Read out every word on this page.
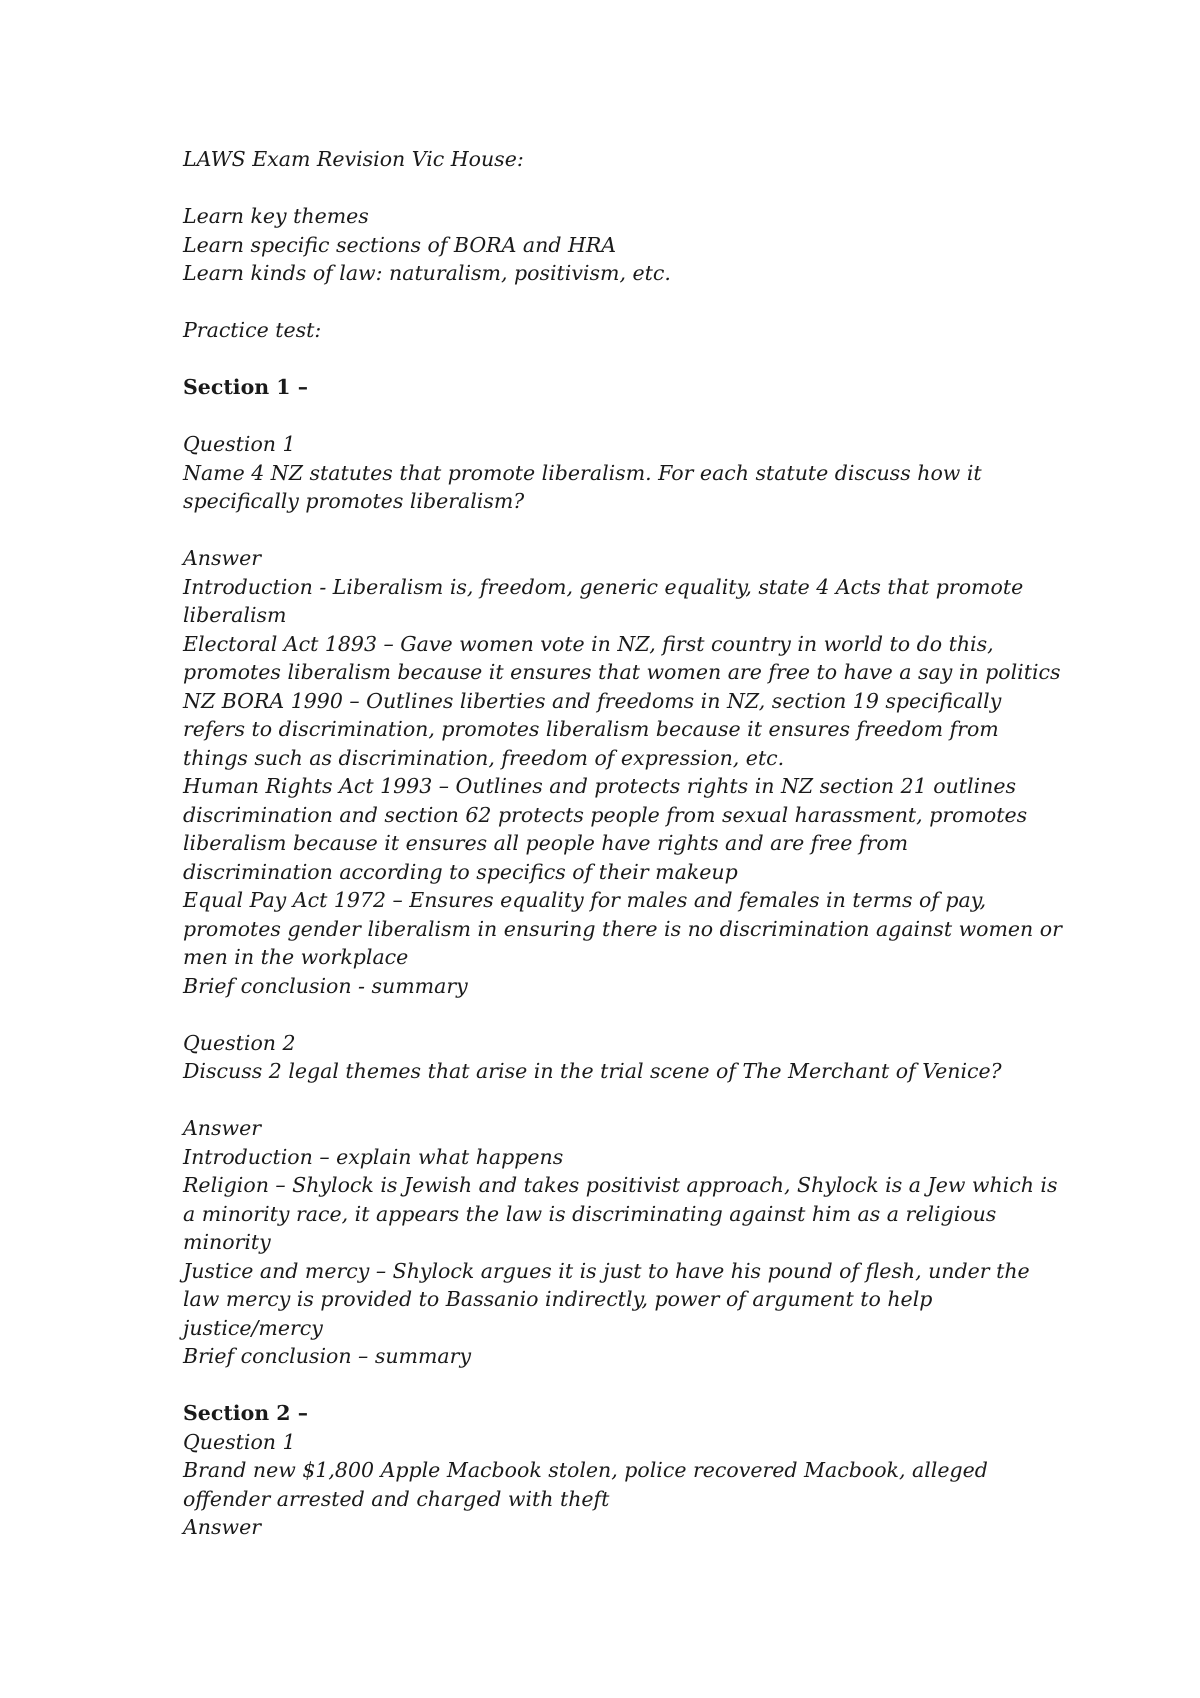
LAWS Exam Revision Vic House:
Learn key themes
Learn specific sections of BORA and HRA
Learn kinds of law: naturalism, positivism, etc.
Practice test:
Section 1 –
Question 1
Name 4 NZ statutes that promote liberalism. For each statute discuss how it specifically promotes liberalism?
Answer
Introduction - Liberalism is, freedom, generic equality, state 4 Acts that promote liberalism
Electoral Act 1893 – Gave women vote in NZ, first country in world to do this, promotes liberalism because it ensures that women are free to have a say in politics
NZ BORA 1990 – Outlines liberties and freedoms in NZ, section 19 specifically refers to discrimination, promotes liberalism because it ensures freedom from things such as discrimination, freedom of expression, etc.
Human Rights Act 1993 – Outlines and protects rights in NZ section 21 outlines discrimination and section 62 protects people from sexual harassment, promotes liberalism because it ensures all people have rights and are free from discrimination according to specifics of their makeup
Equal Pay Act 1972 – Ensures equality for males and females in terms of pay, promotes gender liberalism in ensuring there is no discrimination against women or men in the workplace
Brief conclusion - summary
Question 2
Discuss 2 legal themes that arise in the trial scene of The Merchant of Venice?
Answer
Introduction – explain what happens
Religion – Shylock is Jewish and takes positivist approach, Shylock is a Jew which is a minority race, it appears the law is discriminating against him as a religious minority
Justice and mercy – Shylock argues it is just to have his pound of flesh, under the law mercy is provided to Bassanio indirectly, power of argument to help justice/mercy
Brief conclusion – summary
Section 2 –
Question 1
Brand new $1,800 Apple Macbook stolen, police recovered Macbook, alleged offender arrested and charged with theft
Answer
